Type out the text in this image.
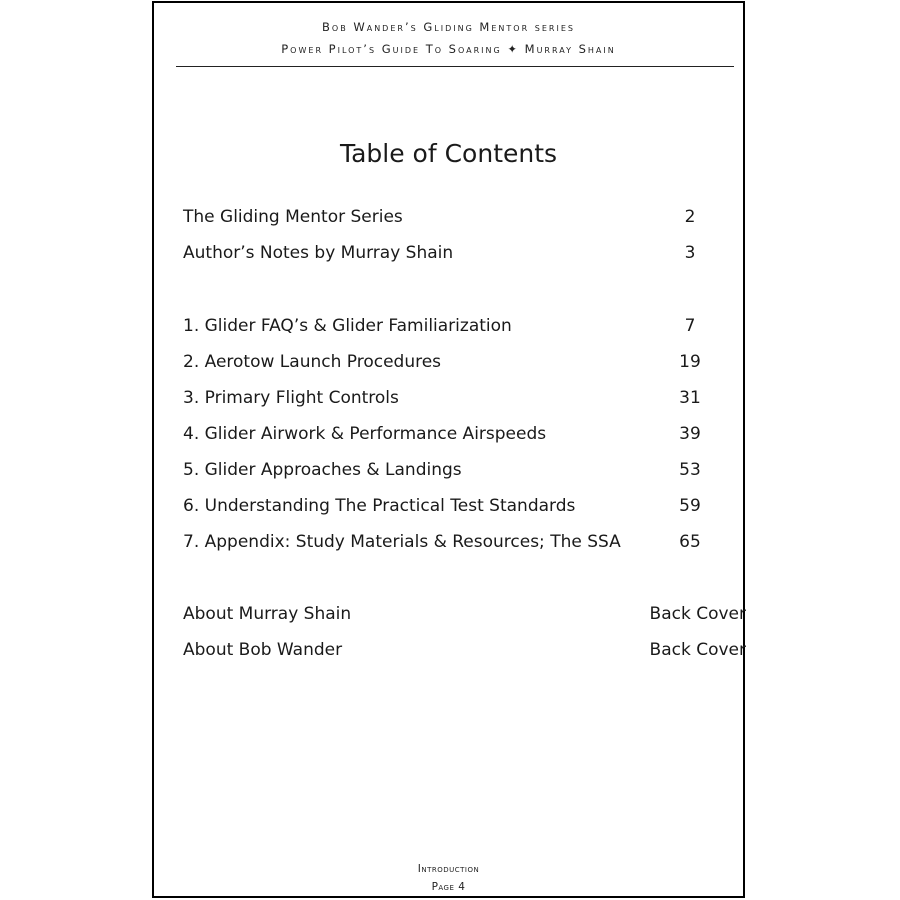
Bob Wander’s Gliding Mentor series
Power Pilot’s Guide To Soaring ✦ Murray Shain
Table of Contents
The Gliding Mentor Series	2
Author’s Notes by Murray Shain	3
1. Glider FAQ’s & Glider Familiarization	7
2. Aerotow Launch Procedures	19
3. Primary Flight Controls	31
4. Glider Airwork & Performance Airspeeds	39
5. Glider Approaches & Landings	53
6. Understanding The Practical Test Standards	59
7. Appendix: Study Materials & Resources; The SSA	65
About Murray Shain	Back Cover
About Bob Wander	Back Cover
Introduction
Page 4
